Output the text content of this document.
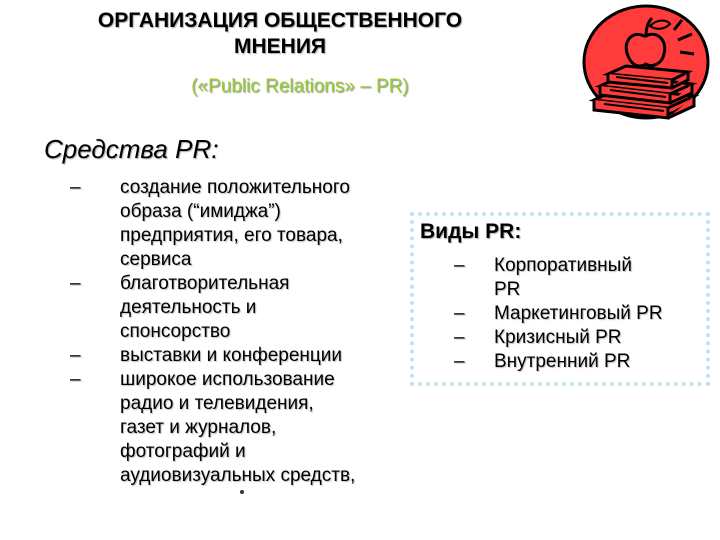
ОРГАНИЗАЦИЯ ОБЩЕСТВЕННОГО
МНЕНИЯ
(«Public Relations» – PR)
Средства PR:
–	создание положительного
образа (“имиджа”)
предприятия, его товара,
сервиса
–	благотворительная
деятельность и
спонсорство
–	выставки и конференции
–	широкое использование
радио и телевидения,
газет и журналов,
фотографий и
аудиовизуальных средств,
Виды PR:
–	Корпоративный
PR
–	Маркетинговый PR
–	Кризисный PR
–	Внутренний PR
